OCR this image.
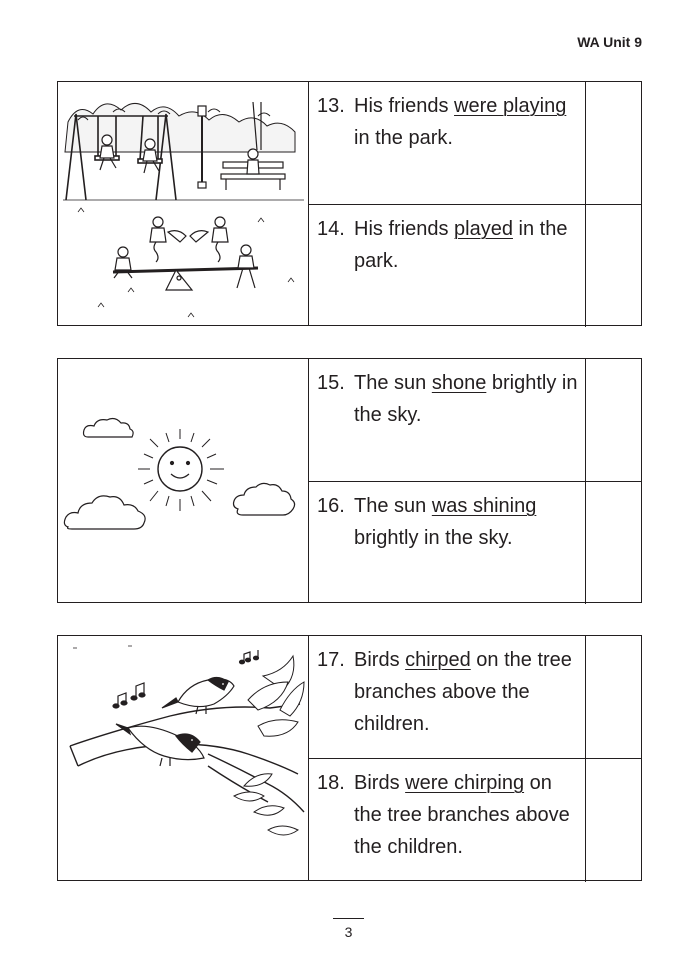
WA Unit 9
13. His friends were playing in the park.
14. His friends played in the park.
15. The sun shone brightly in the sky.
16. The sun was shining brightly in the sky.
17. Birds chirped on the tree branches above the children.
18. Birds were chirping on the tree branches above the children.
3
